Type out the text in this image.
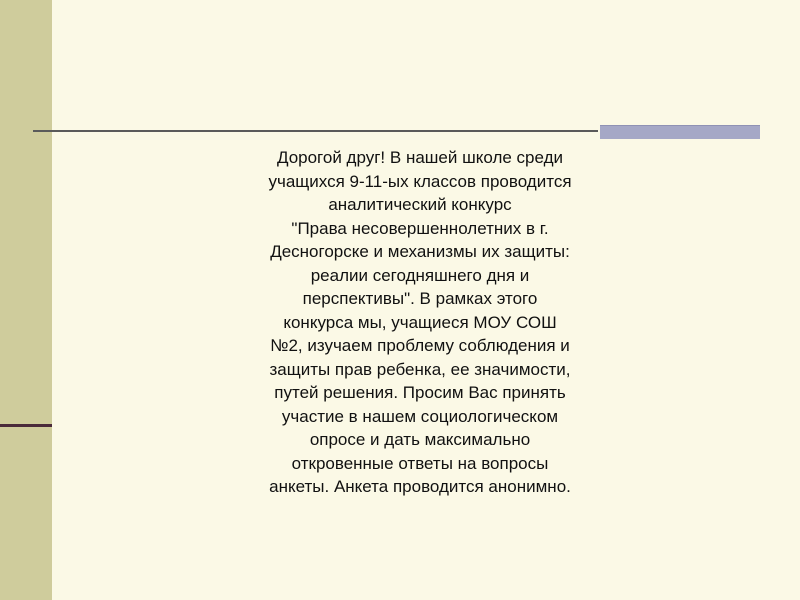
Дорогой друг! В нашей школе среди
учащихся 9-11-ых классов проводится
аналитический конкурс
"Права несовершеннолетних в г.
Десногорске и механизмы их защиты:
реалии сегодняшнего дня и
перспективы". В рамках этого
конкурса мы, учащиеся МОУ СОШ
№2, изучаем проблему соблюдения и
защиты прав ребенка, ее значимости,
путей решения. Просим Вас принять
участие в нашем социологическом
опросе и дать максимально
откровенные ответы на вопросы
анкеты. Анкета проводится анонимно.
